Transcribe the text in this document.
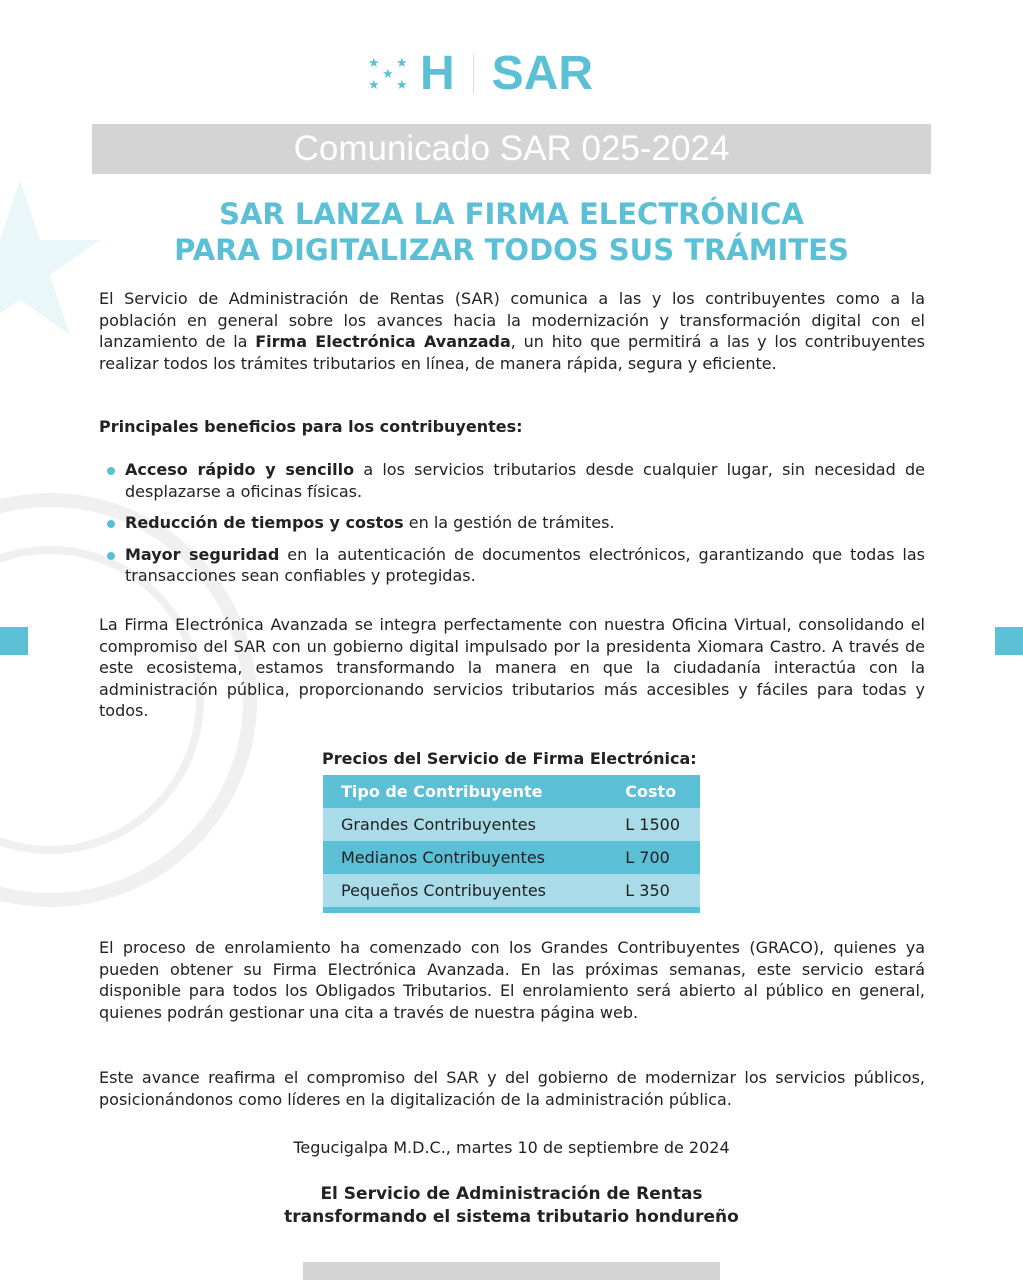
★ ★
★
★ ★ H SAR
Comunicado SAR 025-2024
SAR LANZA LA FIRMA ELECTRÓNICA
PARA DIGITALIZAR TODOS SUS TRÁMITES

El Servicio de Administración de Rentas (SAR) comunica a las y los contribuyentes como a la población en general sobre los avances hacia la modernización y transformación digital con el lanzamiento de la Firma Electrónica Avanzada, un hito que permitirá a las y los contribuyentes realizar todos los trámites tributarios en línea, de manera rápida, segura y eficiente.

Principales beneficios para los contribuyentes:
Acceso rápido y sencillo a los servicios tributarios desde cualquier lugar, sin necesidad de desplazarse a oficinas físicas.
Reducción de tiempos y costos en la gestión de trámites.
Mayor seguridad en la autenticación de documentos electrónicos, garantizando que todas las transacciones sean confiables y protegidas.

La Firma Electrónica Avanzada se integra perfectamente con nuestra Oficina Virtual, consolidando el compromiso del SAR con un gobierno digital impulsado por la presidenta Xiomara Castro. A través de este ecosistema, estamos transformando la manera en que la ciudadanía interactúa con la administración pública, proporcionando servicios tributarios más accesibles y fáciles para todas y todos.

Precios del Servicio de Firma Electrónica:
Tipo de Contribuyente	Costo
Grandes Contribuyentes	L 1500
Medianos Contribuyentes	L 700
Pequeños Contribuyentes	L 350

El proceso de enrolamiento ha comenzado con los Grandes Contribuyentes (GRACO), quienes ya pueden obtener su Firma Electrónica Avanzada. En las próximas semanas, este servicio estará disponible para todos los Obligados Tributarios. El enrolamiento será abierto al público en general, quienes podrán gestionar una cita a través de nuestra página web.

Este avance reafirma el compromiso del SAR y del gobierno de modernizar los servicios públicos, posicionándonos como líderes en la digitalización de la administración pública.

Tegucigalpa M.D.C., martes 10 de septiembre de 2024
El Servicio de Administración de Rentas
transformando el sistema tributario hondureño
